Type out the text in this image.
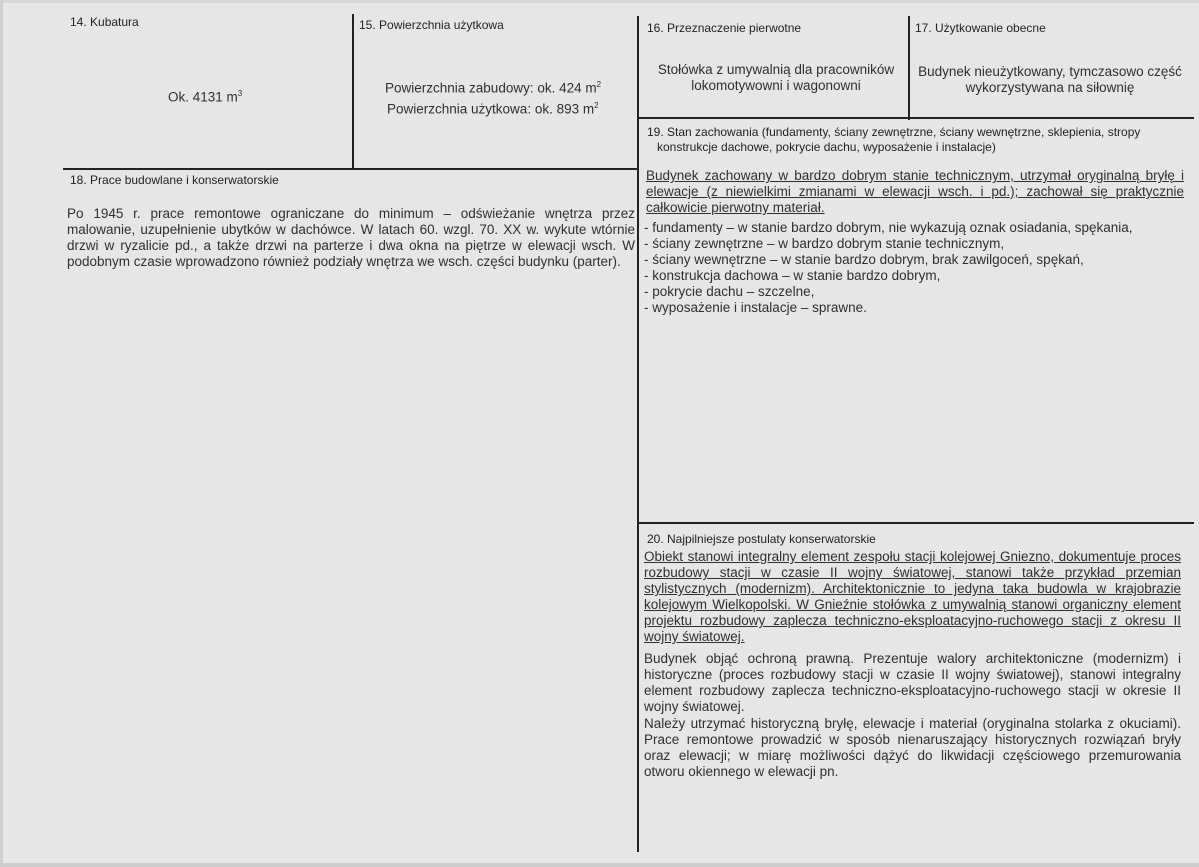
14. Kubatura
Ok. 4131 $m^3$
15. Powierzchnia użytkowa
Powierzchnia zabudowy: ok. 424 $m^2$
Powierzchnia użytkowa: ok. 893 $m^2$
16. Przeznaczenie pierwotne
Stołówka z umywalnią dla pracowników lokomotywowni i wagonowni
17. Użytkowanie obecne
Budynek nieużytkowany, tymczasowo część wykorzystywana na siłownię
18. Prace budowlane i konserwatorskie
Po 1945 r. prace remontowe ograniczane do minimum – odświeżanie wnętrza przez malowanie, uzupełnienie ubytków w dachówce. W latach 60. wzgl. 70. XX w. wykute wtórnie drzwi w ryzalicie pd., a także drzwi na parterze i dwa okna na piętrze w elewacji wsch. W podobnym czasie wprowadzono również podziały wnętrza we wsch. części budynku (parter).
19. Stan zachowania (fundamenty, ściany zewnętrzne, ściany wewnętrzne, sklepienia, stropy
konstrukcje dachowe, pokrycie dachu, wyposażenie i instalacje)
Budynek zachowany w bardzo dobrym stanie technicznym, utrzymał oryginalną bryłę i elewacje (z niewielkimi zmianami w elewacji wsch. i pd.); zachował się praktycznie całkowicie pierwotny materiał.
- fundamenty – w stanie bardzo dobrym, nie wykazują oznak osiadania, spękania,
- ściany zewnętrzne – w bardzo dobrym stanie technicznym,
- ściany wewnętrzne – w stanie bardzo dobrym, brak zawilgoceń, spękań,
- konstrukcja dachowa – w stanie bardzo dobrym,
- pokrycie dachu – szczelne,
- wyposażenie i instalacje – sprawne.
20. Najpilniejsze postulaty konserwatorskie
Obiekt stanowi integralny element zespołu stacji kolejowej Gniezno, dokumentuje proces rozbudowy stacji w czasie II wojny światowej, stanowi także przykład przemian stylistycznych (modernizm). Architektonicznie to jedyna taka budowla w krajobrazie kolejowym Wielkopolski. W Gnieźnie stołówka z umywalnią stanowi organiczny element projektu rozbudowy zaplecza techniczno-eksploatacyjno-ruchowego stacji z okresu II wojny światowej.
Budynek objąć ochroną prawną. Prezentuje walory architektoniczne (modernizm) i historyczne (proces rozbudowy stacji w czasie II wojny światowej), stanowi integralny element rozbudowy zaplecza techniczno-eksploatacyjno-ruchowego stacji w okresie II wojny światowej.
Należy utrzymać historyczną bryłę, elewacje i materiał (oryginalna stolarka z okuciami). Prace remontowe prowadzić w sposób nienaruszający historycznych rozwiązań bryły oraz elewacji; w miarę możliwości dążyć do likwidacji częściowego przemurowania otworu okiennego w elewacji pn.
